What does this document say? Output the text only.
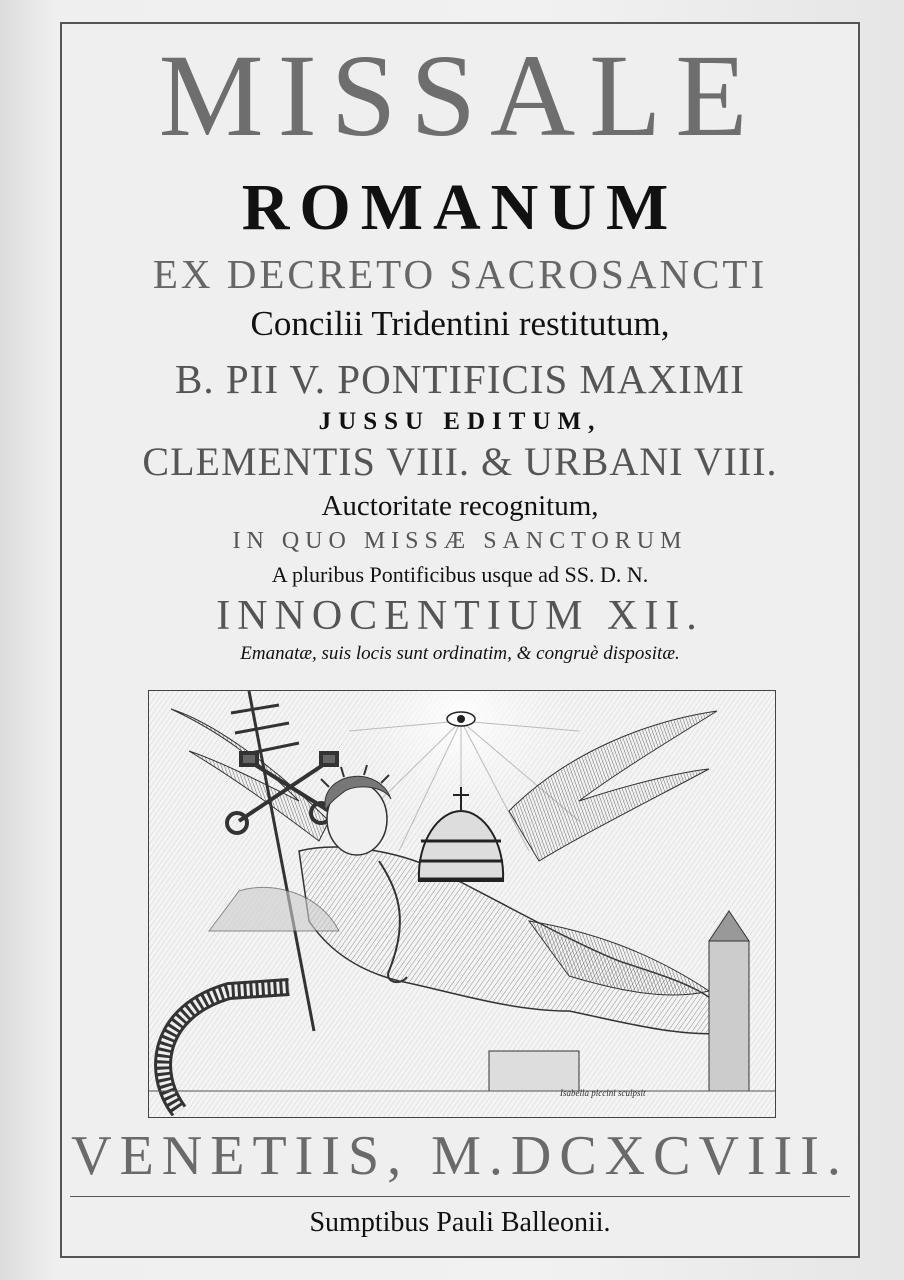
MISSALE
ROMANUM
EX DECRETO SACROSANCTI
Concilii Tridentini restitutum,
B. PII V. PONTIFICIS MAXIMI
JUSSU EDITUM,
CLEMENTIS VIII. & URBANI VIII.
Auctoritate recognitum,
IN QUO MISSÆ SANCTORUM
A pluribus Pontificibus usque ad SS. D. N.
INNOCENTIUM XII.
Emanatæ, suis locis sunt ordinatim, & congruè dispositæ.
Isabella piccini sculpsit
VENETIIS, M.DCXCVIII.
Sumptibus Pauli Balleonii.
